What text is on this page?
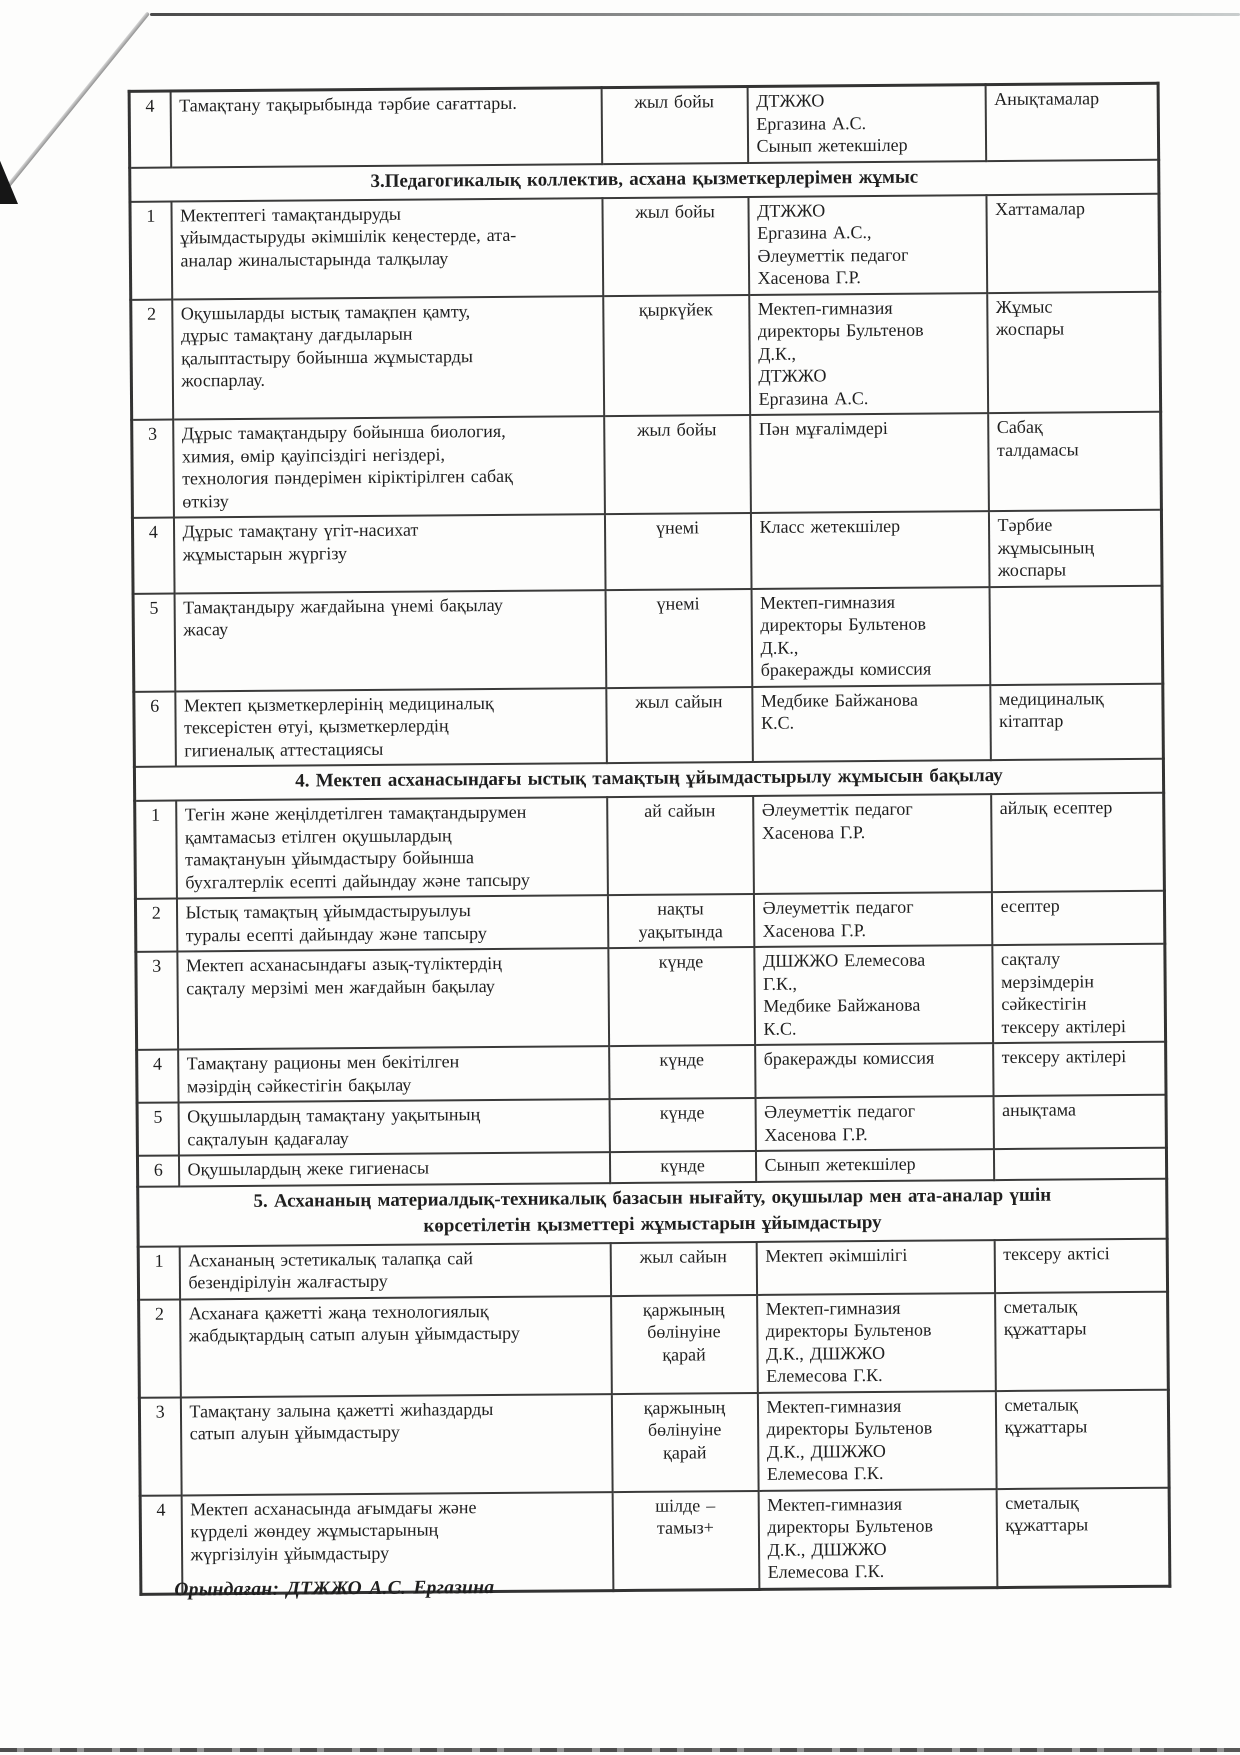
4	Тамақтану тақырыбында тәрбие сағаттары.	жыл бойы	ДТЖЖО
Ергазина А.С.
Сынып жетекшілер	Анықтамалар
3.Педагогикалық коллектив, асхана қызметкерлерімен жұмыс				
1	Мектептегі тамақтандыруды
ұйымдастыруды әкімшілік кеңестерде, ата-
аналар жиналыстарында талқылау	жыл бойы	ДТЖЖО
Ергазина А.С.,
Әлеуметтік педагог
Хасенова Г.Р.	Хаттамалар
2	Оқушыларды ыстық тамақпен қамту,
дұрыс тамақтану дағдыларын
қалыптастыру бойынша жұмыстарды
жоспарлау.	қыркүйек	Мектеп-гимназия
директоры Бультенов
Д.К.,
ДТЖЖО
Ергазина А.С.	Жұмыс
жоспары
3	Дұрыс тамақтандыру бойынша биология,
химия, өмір қауіпсіздігі негіздері,
технология пәндерімен кіріктірілген сабақ
өткізу	жыл бойы	Пән мұғалімдері	Сабақ
талдамасы
4	Дұрыс тамақтану үгіт-насихат
жұмыстарын жүргізу	үнемі	Класс жетекшілер	Тәрбие
жұмысының
жоспары
5	Тамақтандыру жағдайына үнемі бақылау
жасау	үнемі	Мектеп-гимназия
директоры Бультенов
Д.К.,
бракеражды комиссия	
6	Мектеп қызметкерлерінің медициналық
тексерістен өтуі, қызметкерлердің
гигиеналық аттестациясы	жыл сайын	Медбике Байжанова
К.С.	медициналық
кітаптар
4. Мектеп асханасындағы ыстық тамақтың ұйымдастырылу жұмысын бақылау				
1	Тегін және жеңілдетілген тамақтандырумен
қамтамасыз етілген оқушылардың
тамақтануын ұйымдастыру бойынша
бухгалтерлік есепті дайындау және тапсыру	ай сайын	Әлеуметтік педагог
Хасенова Г.Р.	айлық есептер
2	Ыстық тамақтың ұйымдастыруылуы
туралы есепті дайындау және тапсыру	нақты
уақытында	Әлеуметтік педагог
Хасенова Г.Р.	есептер
3	Мектеп асханасындағы азық-түліктердің
сақталу мерзімі мен жағдайын бақылау	күнде	ДШЖЖО Елемесова
Г.К.,
Медбике Байжанова
К.С.	сақталу
мерзімдерін
сәйкестігін
тексеру актілері
4	Тамақтану рационы мен бекітілген
мәзірдің сәйкестігін бақылау	күнде	бракеражды комиссия	тексеру актілері
5	Оқушылардың тамақтану уақытының
сақталуын қадағалау	күнде	Әлеуметтік педагог
Хасенова Г.Р.	анықтама
6	Оқушылардың жеке гигиенасы	күнде	Сынып жетекшілер	
5. Асхананың материалдық-техникалық базасын нығайту, оқушылар мен ата-аналар үшін
көрсетілетін қызметтері жұмыстарын ұйымдастыру				
1	Асхананың эстетикалық талапқа сай
безендірілуін жалғастыру	жыл сайын	Мектеп әкімшілігі	тексеру актісі
2	Асханаға қажетті жаңа технологиялық
жабдықтардың сатып алуын ұйымдастыру	қаржының
бөлінуіне
қарай	Мектеп-гимназия
директоры Бультенов
Д.К., ДШЖЖО
Елемесова Г.К.	сметалық
құжаттары
3	Тамақтану залына қажетті жиһаздарды
сатып алуын ұйымдастыру	қаржының
бөлінуіне
қарай	Мектеп-гимназия
директоры Бультенов
Д.К., ДШЖЖО
Елемесова Г.К.	сметалық
құжаттары
4	Мектеп асханасында ағымдағы және
күрделі жөндеу жұмыстарының
жүргізілуін ұйымдастыру	шілде –
тамыз+	Мектеп-гимназия
директоры Бультенов
Д.К., ДШЖЖО
Елемесова Г.К.	сметалық
құжаттары
Орындаған: ДТЖЖО А.С. Ергазина
